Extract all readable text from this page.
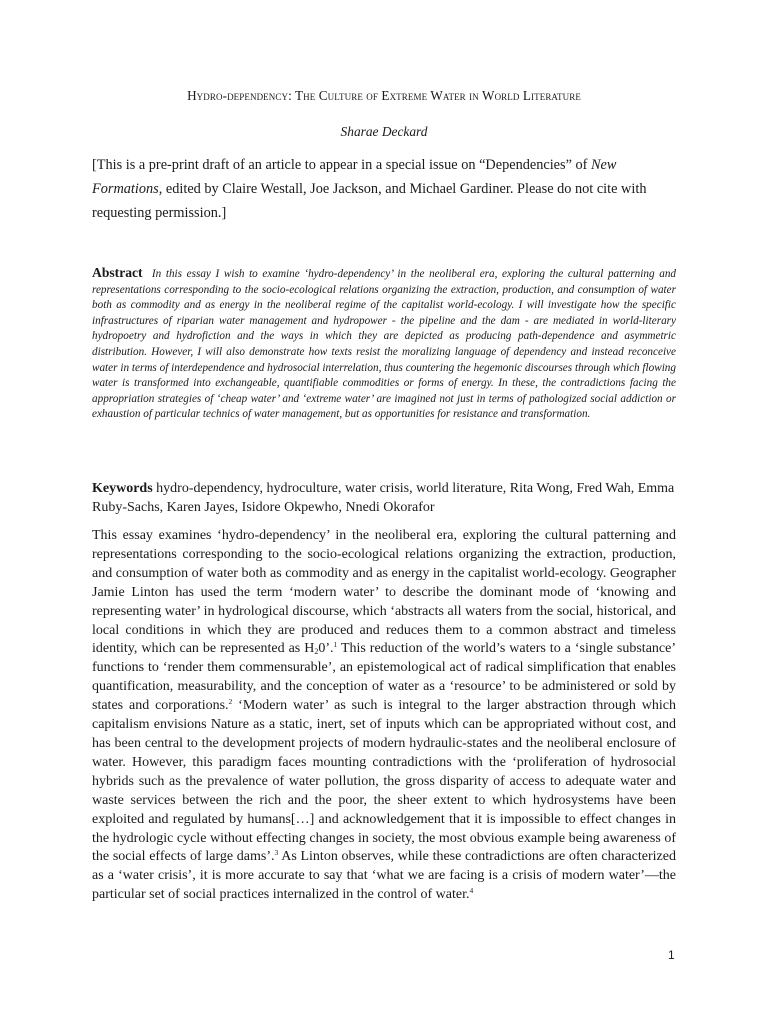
Hydro-dependency: The Culture of Extreme Water in World Literature
Sharae Deckard
[This is a pre-print draft of an article to appear in a special issue on “Dependencies” of New Formations, edited by Claire Westall, Joe Jackson, and Michael Gardiner. Please do not cite with requesting permission.]
Abstract In this essay I wish to examine ‘hydro-dependency’ in the neoliberal era, exploring the cultural patterning and representations corresponding to the socio-ecological relations organizing the extraction, production, and consumption of water both as commodity and as energy in the neoliberal regime of the capitalist world-ecology. I will investigate how the specific infrastructures of riparian water management and hydropower - the pipeline and the dam - are mediated in world-literary hydropoetry and hydrofiction and the ways in which they are depicted as producing path-dependence and asymmetric distribution. However, I will also demonstrate how texts resist the moralizing language of dependency and instead reconceive water in terms of interdependence and hydrosocial interrelation, thus countering the hegemonic discourses through which flowing water is transformed into exchangeable, quantifiable commodities or forms of energy. In these, the contradictions facing the appropriation strategies of ‘cheap water’ and ‘extreme water’ are imagined not just in terms of pathologized social addiction or exhaustion of particular technics of water management, but as opportunities for resistance and transformation.
Keywords hydro-dependency, hydroculture, water crisis, world literature, Rita Wong, Fred Wah, Emma Ruby-Sachs, Karen Jayes, Isidore Okpewho, Nnedi Okorafor
This essay examines ‘hydro-dependency’ in the neoliberal era, exploring the cultural patterning and representations corresponding to the socio-ecological relations organizing the extraction, production, and consumption of water both as commodity and as energy in the capitalist world-ecology. Geographer Jamie Linton has used the term ‘modern water’ to describe the dominant mode of ‘knowing and representing water’ in hydrological discourse, which ‘abstracts all waters from the social, historical, and local conditions in which they are produced and reduces them to a common abstract and timeless identity, which can be represented as $H_20’.^1$ This reduction of the world’s waters to a ‘single substance’ functions to ‘render them commensurable’, an epistemological act of radical simplification that enables quantification, measurability, and the conception of water as a ‘resource’ to be administered or sold by states and corporations.$^2$ ‘Modern water’ as such is integral to the larger abstraction through which capitalism envisions Nature as a static, inert, set of inputs which can be appropriated without cost, and has been central to the development projects of modern hydraulic-states and the neoliberal enclosure of water. However, this paradigm faces mounting contradictions with the ‘proliferation of hydrosocial hybrids such as the prevalence of water pollution, the gross disparity of access to adequate water and waste services between the rich and the poor, the sheer extent to which hydrosystems have been exploited and regulated by humans[…] and acknowledgement that it is impossible to effect changes in the hydrologic cycle without effecting changes in society, the most obvious example being awareness of the social effects of large dams’.$^3$ As Linton observes, while these contradictions are often characterized as a ‘water crisis’, it is more accurate to say that ‘what we are facing is a crisis of modern water’—the particular set of social practices internalized in the control of water.$^4$
1
